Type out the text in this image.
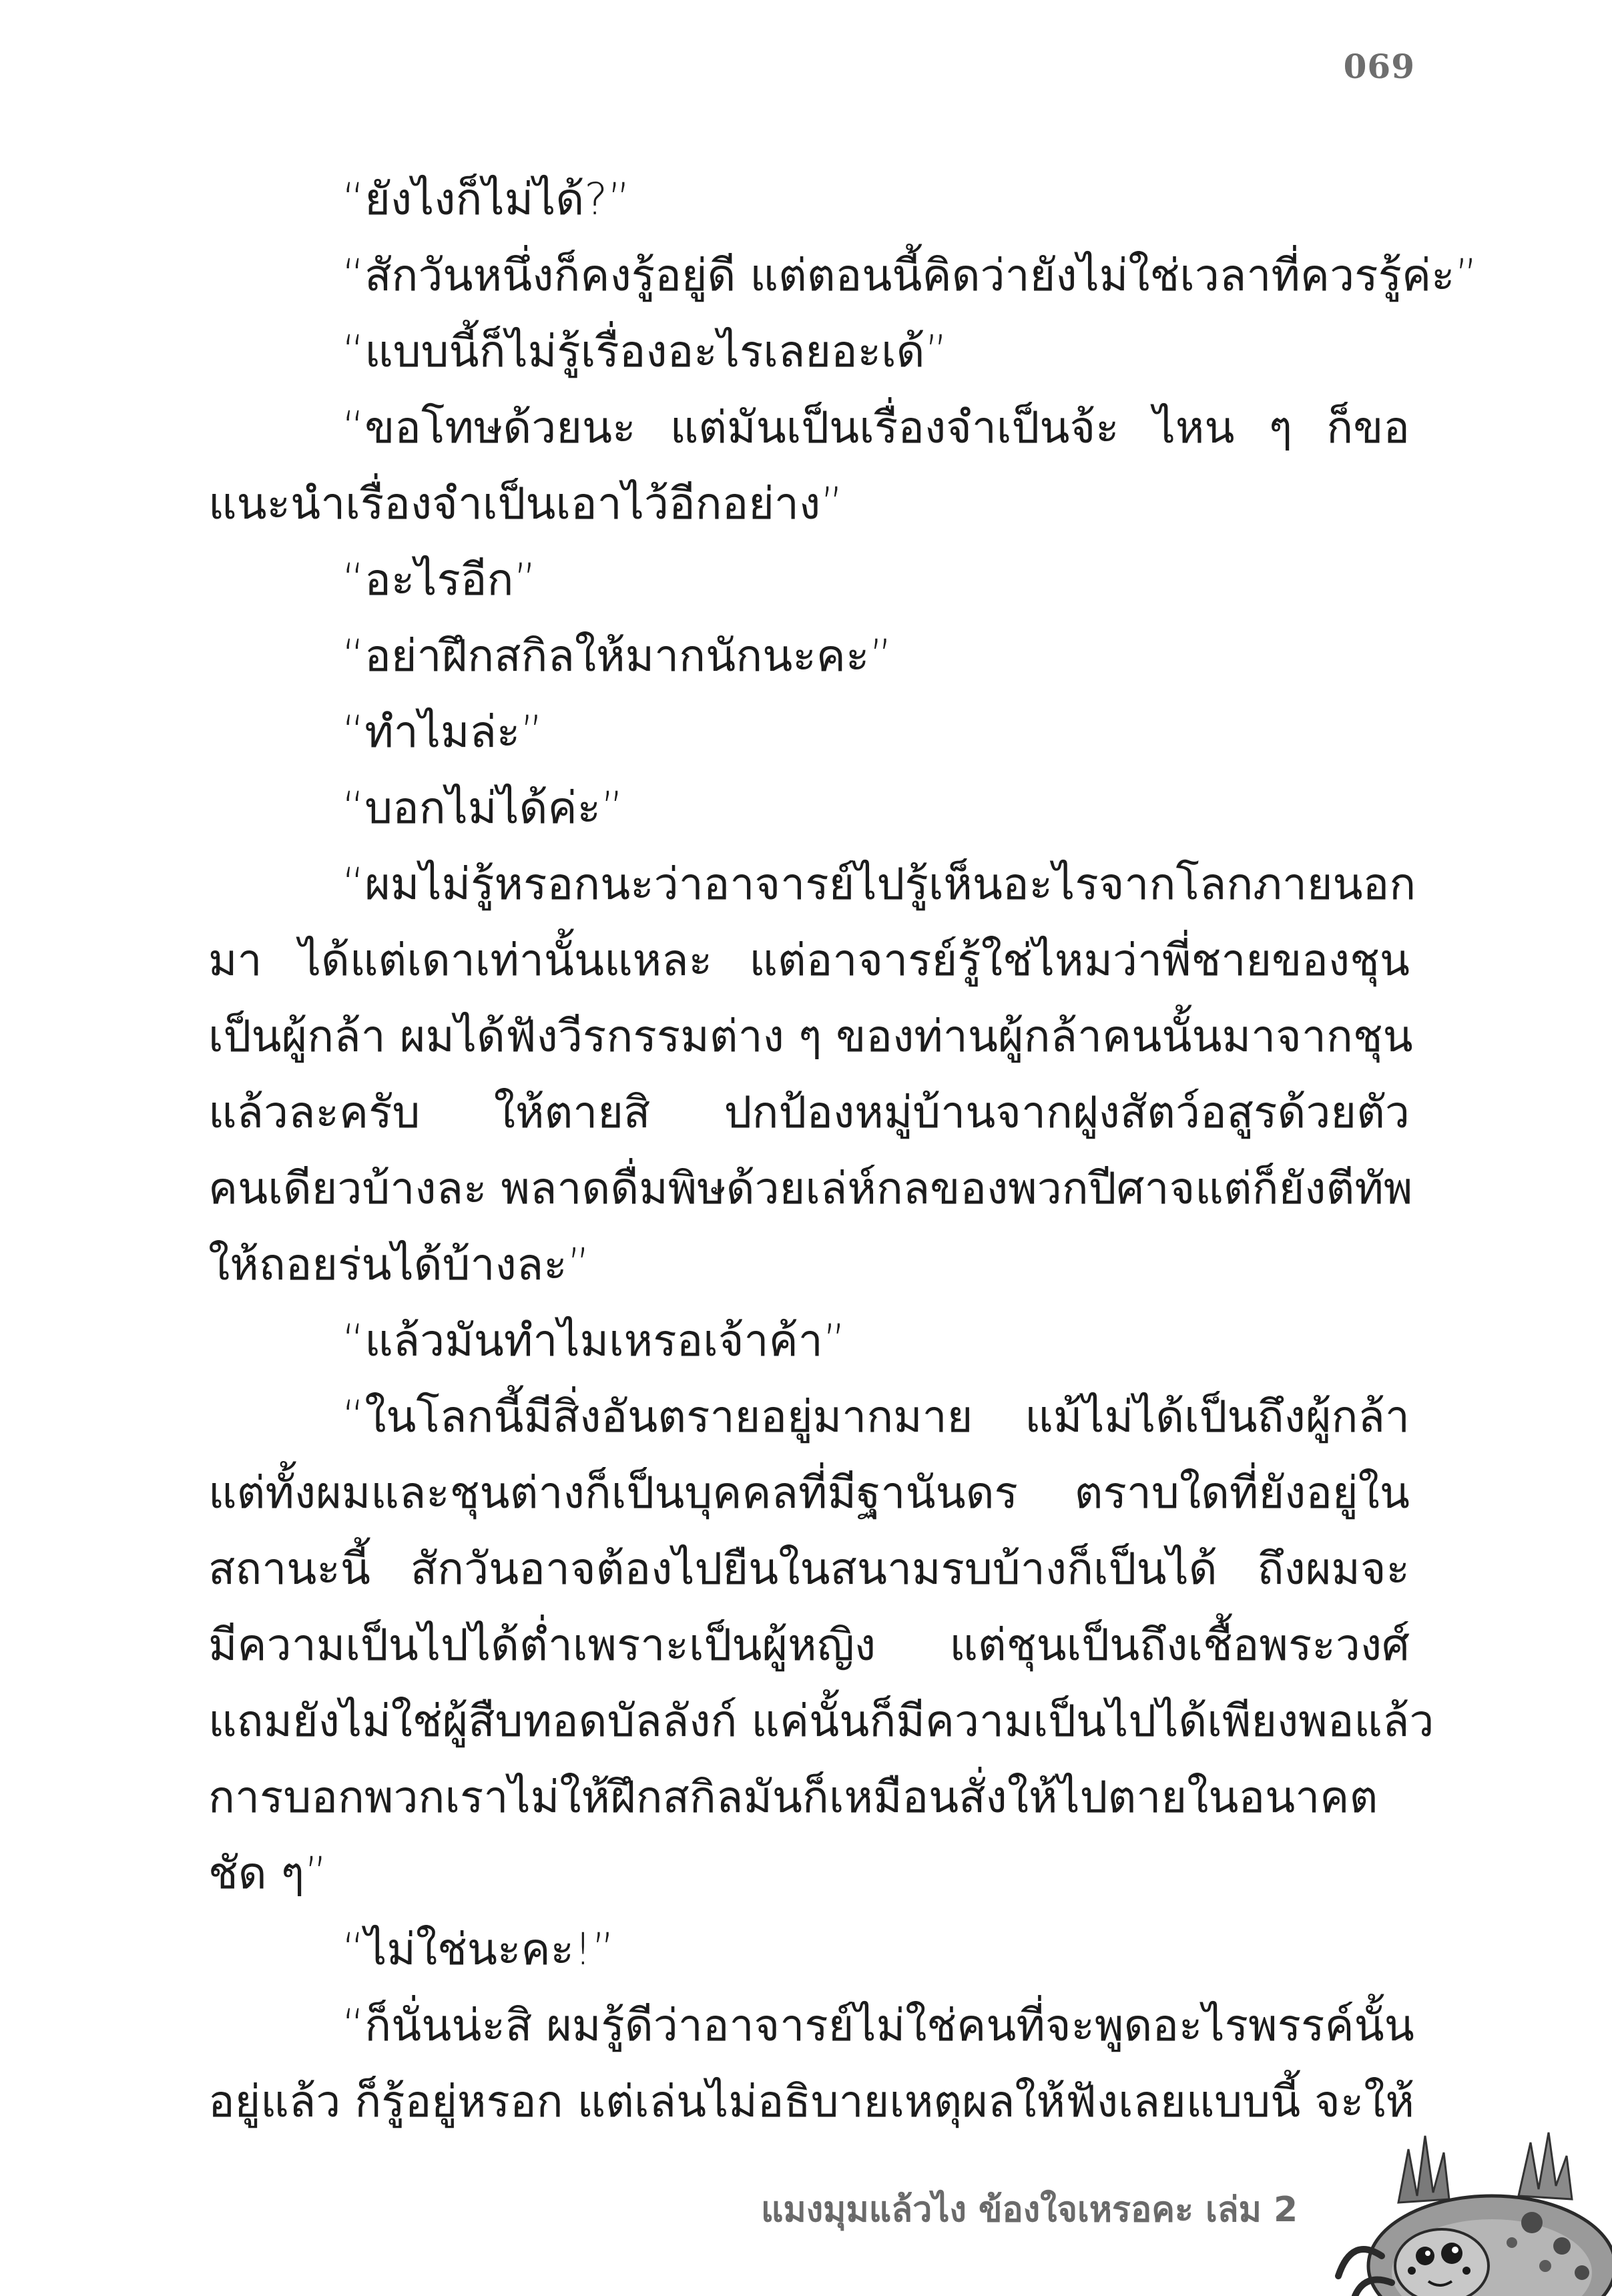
069
“ยังไงก็ไม่ได้?”
“สักวันหนึ่งก็คงรู้อยู่ดี แต่ตอนนี้คิดว่ายังไม่ใช่เวลาที่ควรรู้ค่ะ”
“แบบนี้ก็ไม่รู้เรื่องอะไรเลยอะเด้”
“ขอโทษด้วยนะ แต่มันเป็นเรื่องจำเป็นจ้ะ ไหน ๆ ก็ขอ
แนะนำเรื่องจำเป็นเอาไว้อีกอย่าง”
“อะไรอีก”
“อย่าฝึกสกิลให้มากนักนะคะ”
“ทำไมล่ะ”
“บอกไม่ได้ค่ะ”
“ผมไม่รู้หรอกนะว่าอาจารย์ไปรู้เห็นอะไรจากโลกภายนอก
มา ได้แต่เดาเท่านั้นแหละ แต่อาจารย์รู้ใช่ไหมว่าพี่ชายของชุน
เป็นผู้กล้า ผมได้ฟังวีรกรรมต่าง ๆ ของท่านผู้กล้าคนนั้นมาจากชุน
แล้วละครับ ให้ตายสิ ปกป้องหมู่บ้านจากฝูงสัตว์อสูรด้วยตัว
คนเดียวบ้างละ พลาดดื่มพิษด้วยเล่ห์กลของพวกปีศาจแต่ก็ยังตีทัพ
ให้ถอยร่นได้บ้างละ”
“แล้วมันทำไมเหรอเจ้าค้า”
“ในโลกนี้มีสิ่งอันตรายอยู่มากมาย แม้ไม่ได้เป็นถึงผู้กล้า
แต่ทั้งผมและชุนต่างก็เป็นบุคคลที่มีฐานันดร ตราบใดที่ยังอยู่ใน
สถานะนี้ สักวันอาจต้องไปยืนในสนามรบบ้างก็เป็นได้ ถึงผมจะ
มีความเป็นไปได้ต่ำเพราะเป็นผู้หญิง แต่ชุนเป็นถึงเชื้อพระวงศ์
แถมยังไม่ใช่ผู้สืบทอดบัลลังก์ แค่นั้นก็มีความเป็นไปได้เพียงพอแล้ว
การบอกพวกเราไม่ให้ฝึกสกิลมันก็เหมือนสั่งให้ไปตายในอนาคต
ชัด ๆ”
“ไม่ใช่นะคะ!”
“ก็นั่นน่ะสิ ผมรู้ดีว่าอาจารย์ไม่ใช่คนที่จะพูดอะไรพรรค์นั้น
อยู่แล้ว ก็รู้อยู่หรอก แต่เล่นไม่อธิบายเหตุผลให้ฟังเลยแบบนี้ จะให้
แมงมุมแล้วไง ข้องใจเหรอคะ เล่ม 2
